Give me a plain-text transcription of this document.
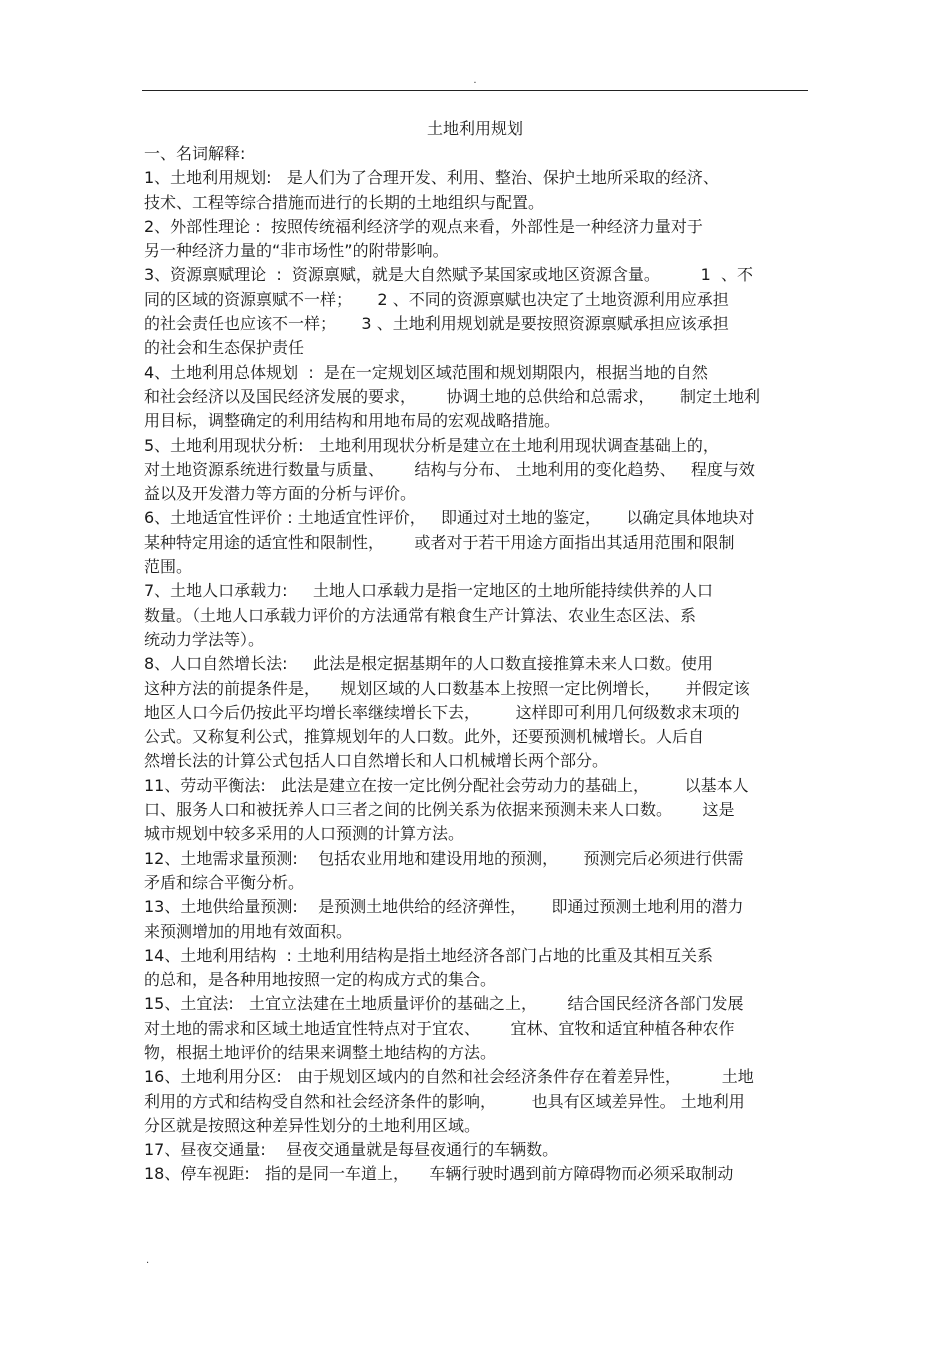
.
土地利用规划
一、名词解释:
1、土地利用规划:   是人们为了合理开发、利用、整治、保护土地所采取的经济、
技术、工程等综合措施而进行的长期的土地组织与配置。
2、外部性理论 :  按照传统福利经济学的观点来看，外部性是一种经济力量对于
另一种经济力量的“非市场性”的附带影响。
3、资源禀赋理论  :  资源禀赋，就是大自然赋予某国家或地区资源含量。        1  、不
同的区域的资源禀赋不一样；     2 、不同的资源禀赋也决定了土地资源利用应承担
的社会责任也应该不一样；     3 、土地利用规划就是要按照资源禀赋承担应该承担
的社会和生态保护责任
4、土地利用总体规划  :  是在一定规划区域范围和规划期限内，根据当地的自然
和社会经济以及国民经济发展的要求，      协调土地的总供给和总需求，     制定土地利
用目标，调整确定的利用结构和用地布局的宏观战略措施。
5、土地利用现状分析:   土地利用现状分析是建立在土地利用现状调查基础上的，
对土地资源系统进行数量与质量、      结构与分布、 土地利用的变化趋势、   程度与效
益以及开发潜力等方面的分析与评价。
6、土地适宜性评价 : 土地适宜性评价，   即通过对土地的鉴定，     以确定具体地块对
某种特定用途的适宜性和限制性，      或者对于若干用途方面指出其适用范围和限制
范围。
7、土地人口承载力:     土地人口承载力是指一定地区的土地所能持续供养的人口
数量。（土地人口承载力评价的方法通常有粮食生产计算法、农业生态区法、系
统动力学法等）。
8、人口自然增长法:     此法是根定据基期年的人口数直接推算未来人口数。使用
这种方法的前提条件是，    规划区域的人口数基本上按照一定比例增长，     并假定该
地区人口今后仍按此平均增长率继续增长下去，       这样即可利用几何级数求末项的
公式。又称复利公式，推算规划年的人口数。此外，还要预测机械增长。人后自
然增长法的计算公式包括人口自然增长和人口机械增长两个部分。
11、劳动平衡法:   此法是建立在按一定比例分配社会劳动力的基础上，       以基本人
口、服务人口和被抚养人口三者之间的比例关系为依据来预测未来人口数。      这是
城市规划中较多采用的人口预测的计算方法。
12、土地需求量预测:    包括农业用地和建设用地的预测，     预测完后必须进行供需
矛盾和综合平衡分析。
13、土地供给量预测:    是预测土地供给的经济弹性，     即通过预测土地利用的潜力
来预测增加的用地有效面积。
14、土地利用结构  : 土地利用结构是指土地经济各部门占地的比重及其相互关系
的总和，是各种用地按照一定的构成方式的集合。
15、土宜法:   土宜立法建在土地质量评价的基础之上，      结合国民经济各部门发展
对土地的需求和区域土地适宜性特点对于宜农、      宜林、宜牧和适宜种植各种农作
物，根据土地评价的结果来调整土地结构的方法。
16、土地利用分区:   由于规划区域内的自然和社会经济条件存在着差异性，        土地
利用的方式和结构受自然和社会经济条件的影响，       也具有区域差异性。 土地利用
分区就是按照这种差异性划分的土地利用区域。
17、昼夜交通量:    昼夜交通量就是每昼夜通行的车辆数。
18、停车视距:   指的是同一车道上，    车辆行驶时遇到前方障碍物而必须采取制动
.
